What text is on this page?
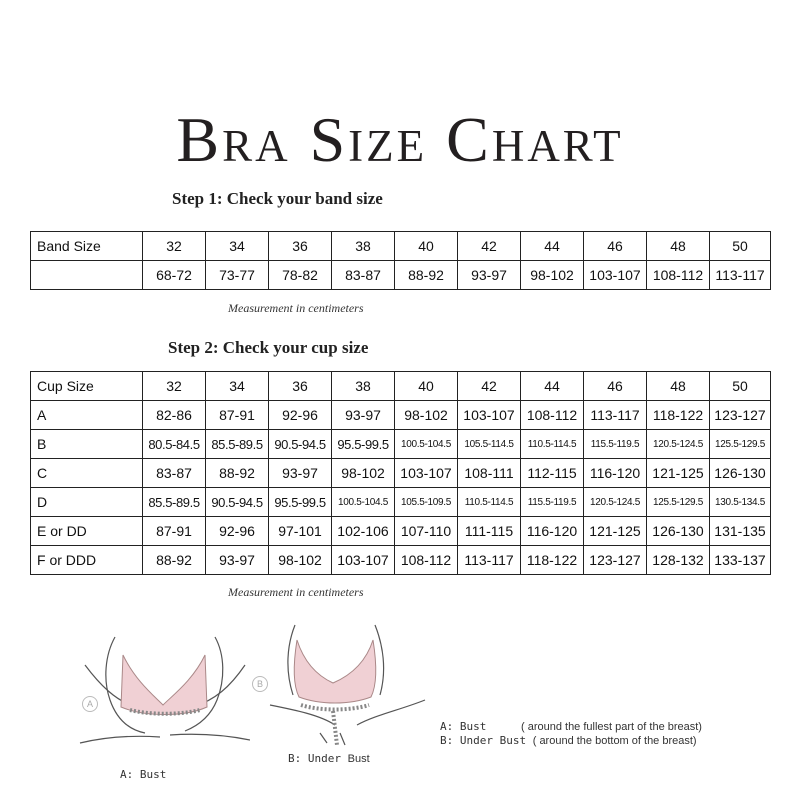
Bra Size Chart
Step 1: Check your band size
Band Size	32	34	36	38	40	42	44	46	48	50
	68-72	73-77	78-82	83-87	88-92	93-97	98-102	103-107	108-112	113-117
Measurement in centimeters
Step 2: Check your cup size
Cup Size	32	34	36	38	40	42	44	46	48	50
A	82-86	87-91	92-96	93-97	98-102	103-107	108-112	113-117	118-122	123-127
B	80.5-84.5	85.5-89.5	90.5-94.5	95.5-99.5	100.5-104.5	105.5-114.5	110.5-114.5	115.5-119.5	120.5-124.5	125.5-129.5
C	83-87	88-92	93-97	98-102	103-107	108-111	112-115	116-120	121-125	126-130
D	85.5-89.5	90.5-94.5	95.5-99.5	100.5-104.5	105.5-109.5	110.5-114.5	115.5-119.5	120.5-124.5	125.5-129.5	130.5-134.5
E or DD	87-91	92-96	97-101	102-106	107-110	111-115	116-120	121-125	126-130	131-135
F or DDD	88-92	93-97	98-102	103-107	108-112	113-117	118-122	123-127	128-132	133-137
Measurement in centimeters
A
A: Bust
B
B: Under Bust
A: Bust	( around the fullest part of the breast)
B: Under Bust ( around the bottom of the breast)
